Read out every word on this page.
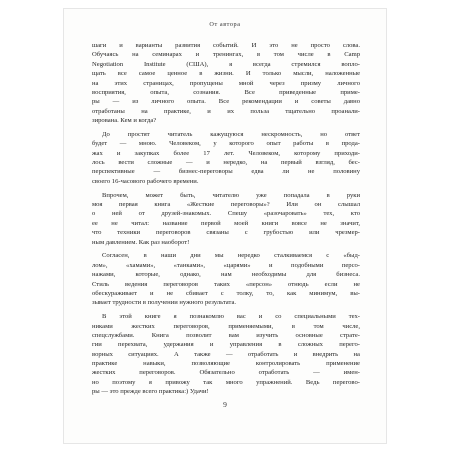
От автора
шаги и варианты развития событий. И это не просто слова.
Обучаясь на семинарах и тренингах, в том числе в Camp
Negotiation Institute (США), я всегда стремился вопло-
щать все самое ценное в жизни. И только мысли, наложенные
на этих страницах, пропущены мной через призму личного
восприятия, опыта, сознания. Все приведенные приме-
ры — из личного опыта. Все рекомендации и советы давно
отработаны на практике, и их польза тщательно проанали-
зирована. Кем и когда?
До простят читатель кажущуюся нескромность, но ответ
будет — мною. Человеком, у которого опыт работы в прода-
жах и закупках более 17 лет. Человеком, которому приходи-
лось вести сложные — и нередко, на первый взгляд, бес-
перспективные — бизнес-переговоры едва ли не половину
своего 16-часового рабочего времени.
Впрочем, может быть, читателю уже попадала в руки
моя первая книга «Жесткие переговоры»? Или он слышал
о ней от друзей-знакомых. Спешу «разочаровать» тех, кто
ее не читал: название первой моей книги вовсе не значит,
что техники переговоров связаны с грубостью или чрезмер-
ным давлением. Как раз наоборот!
Согласен, в наши дни мы нередко сталкиваемся с «быд-
лом», «хамами», «танками», «царями» и подобными персо-
нажами, которые, однако, нам необходимы для бизнеса.
Стиль ведения переговоров таких «персон» отнюдь если не
обескураживает и не сбивает с толку, то, как минимум, вы-
зывает трудности в получении нужного результата.
В этой книге я познакомлю вас и со специальными тех-
никами жестких переговоров, применяемыми, в том числе,
спецслужбами. Книга позволит вам изучить основные страте-
гии перехвата, удержания и управления в сложных перего-
ворных ситуациях. А также — отработать и внедрить на
практике навыки, позволяющие контролировать применение
жестких переговоров. Обязательно отработать — имен-
но поэтому я привожу так много упражнений. Ведь перегово-
ры — это прежде всего практика:) Удачи!
9
